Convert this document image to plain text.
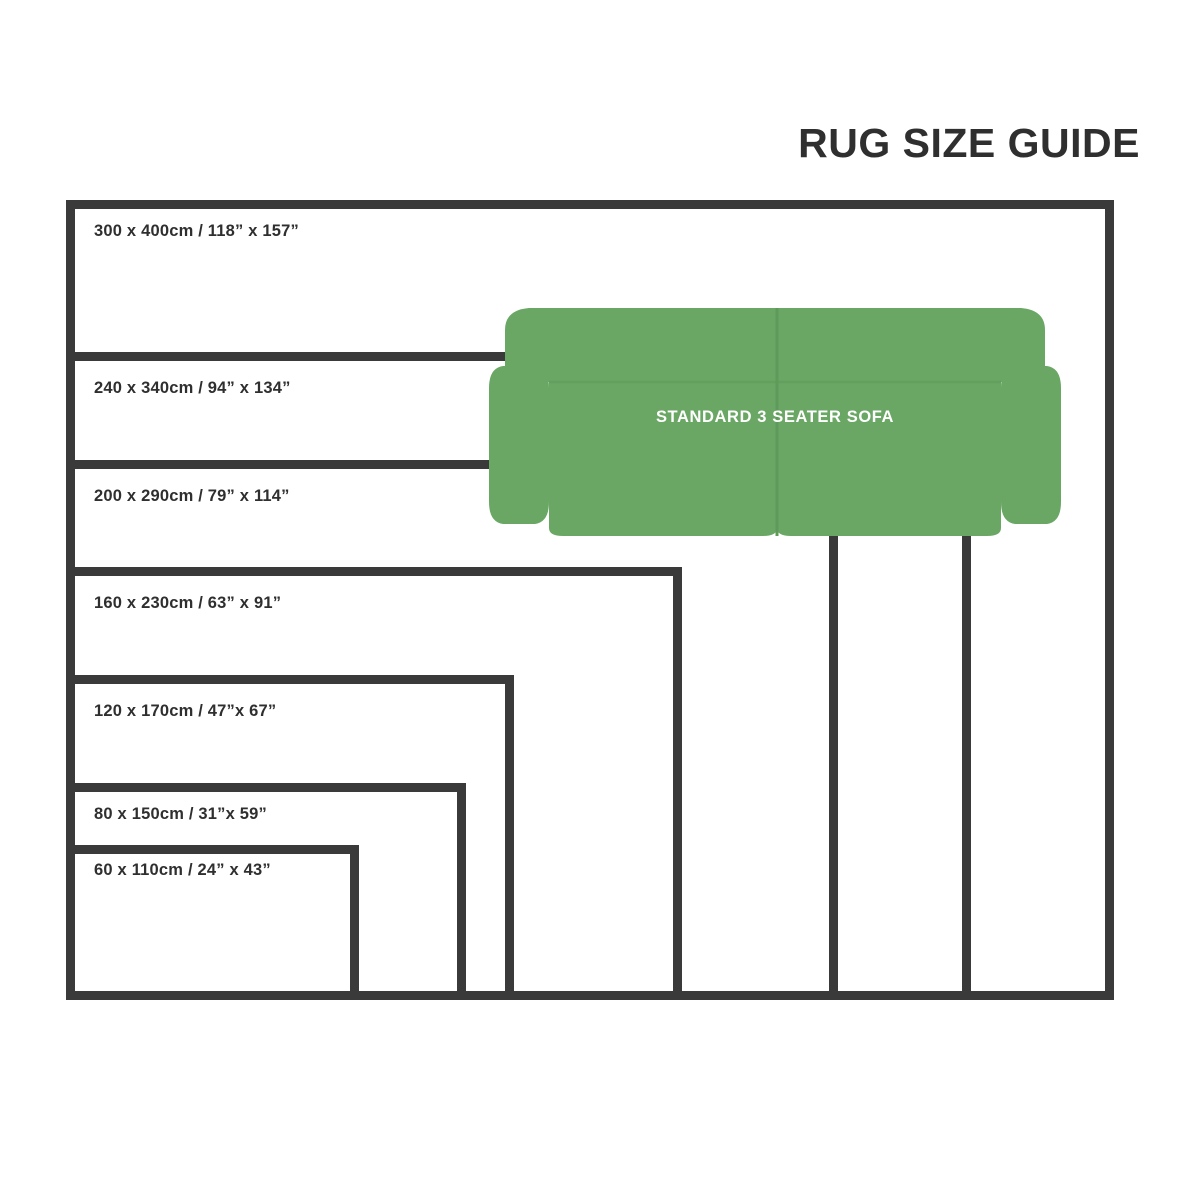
STANDARD 3 SEATER SOFA
300 x 400cm / 118” x 157”
240 x 340cm / 94” x 134”
200 x 290cm / 79” x 114”
160 x 230cm / 63” x 91”
120 x 170cm / 47”x 67”
80 x 150cm / 31”x 59”
60 x 110cm / 24” x 43”
RUG SIZE GUIDE
